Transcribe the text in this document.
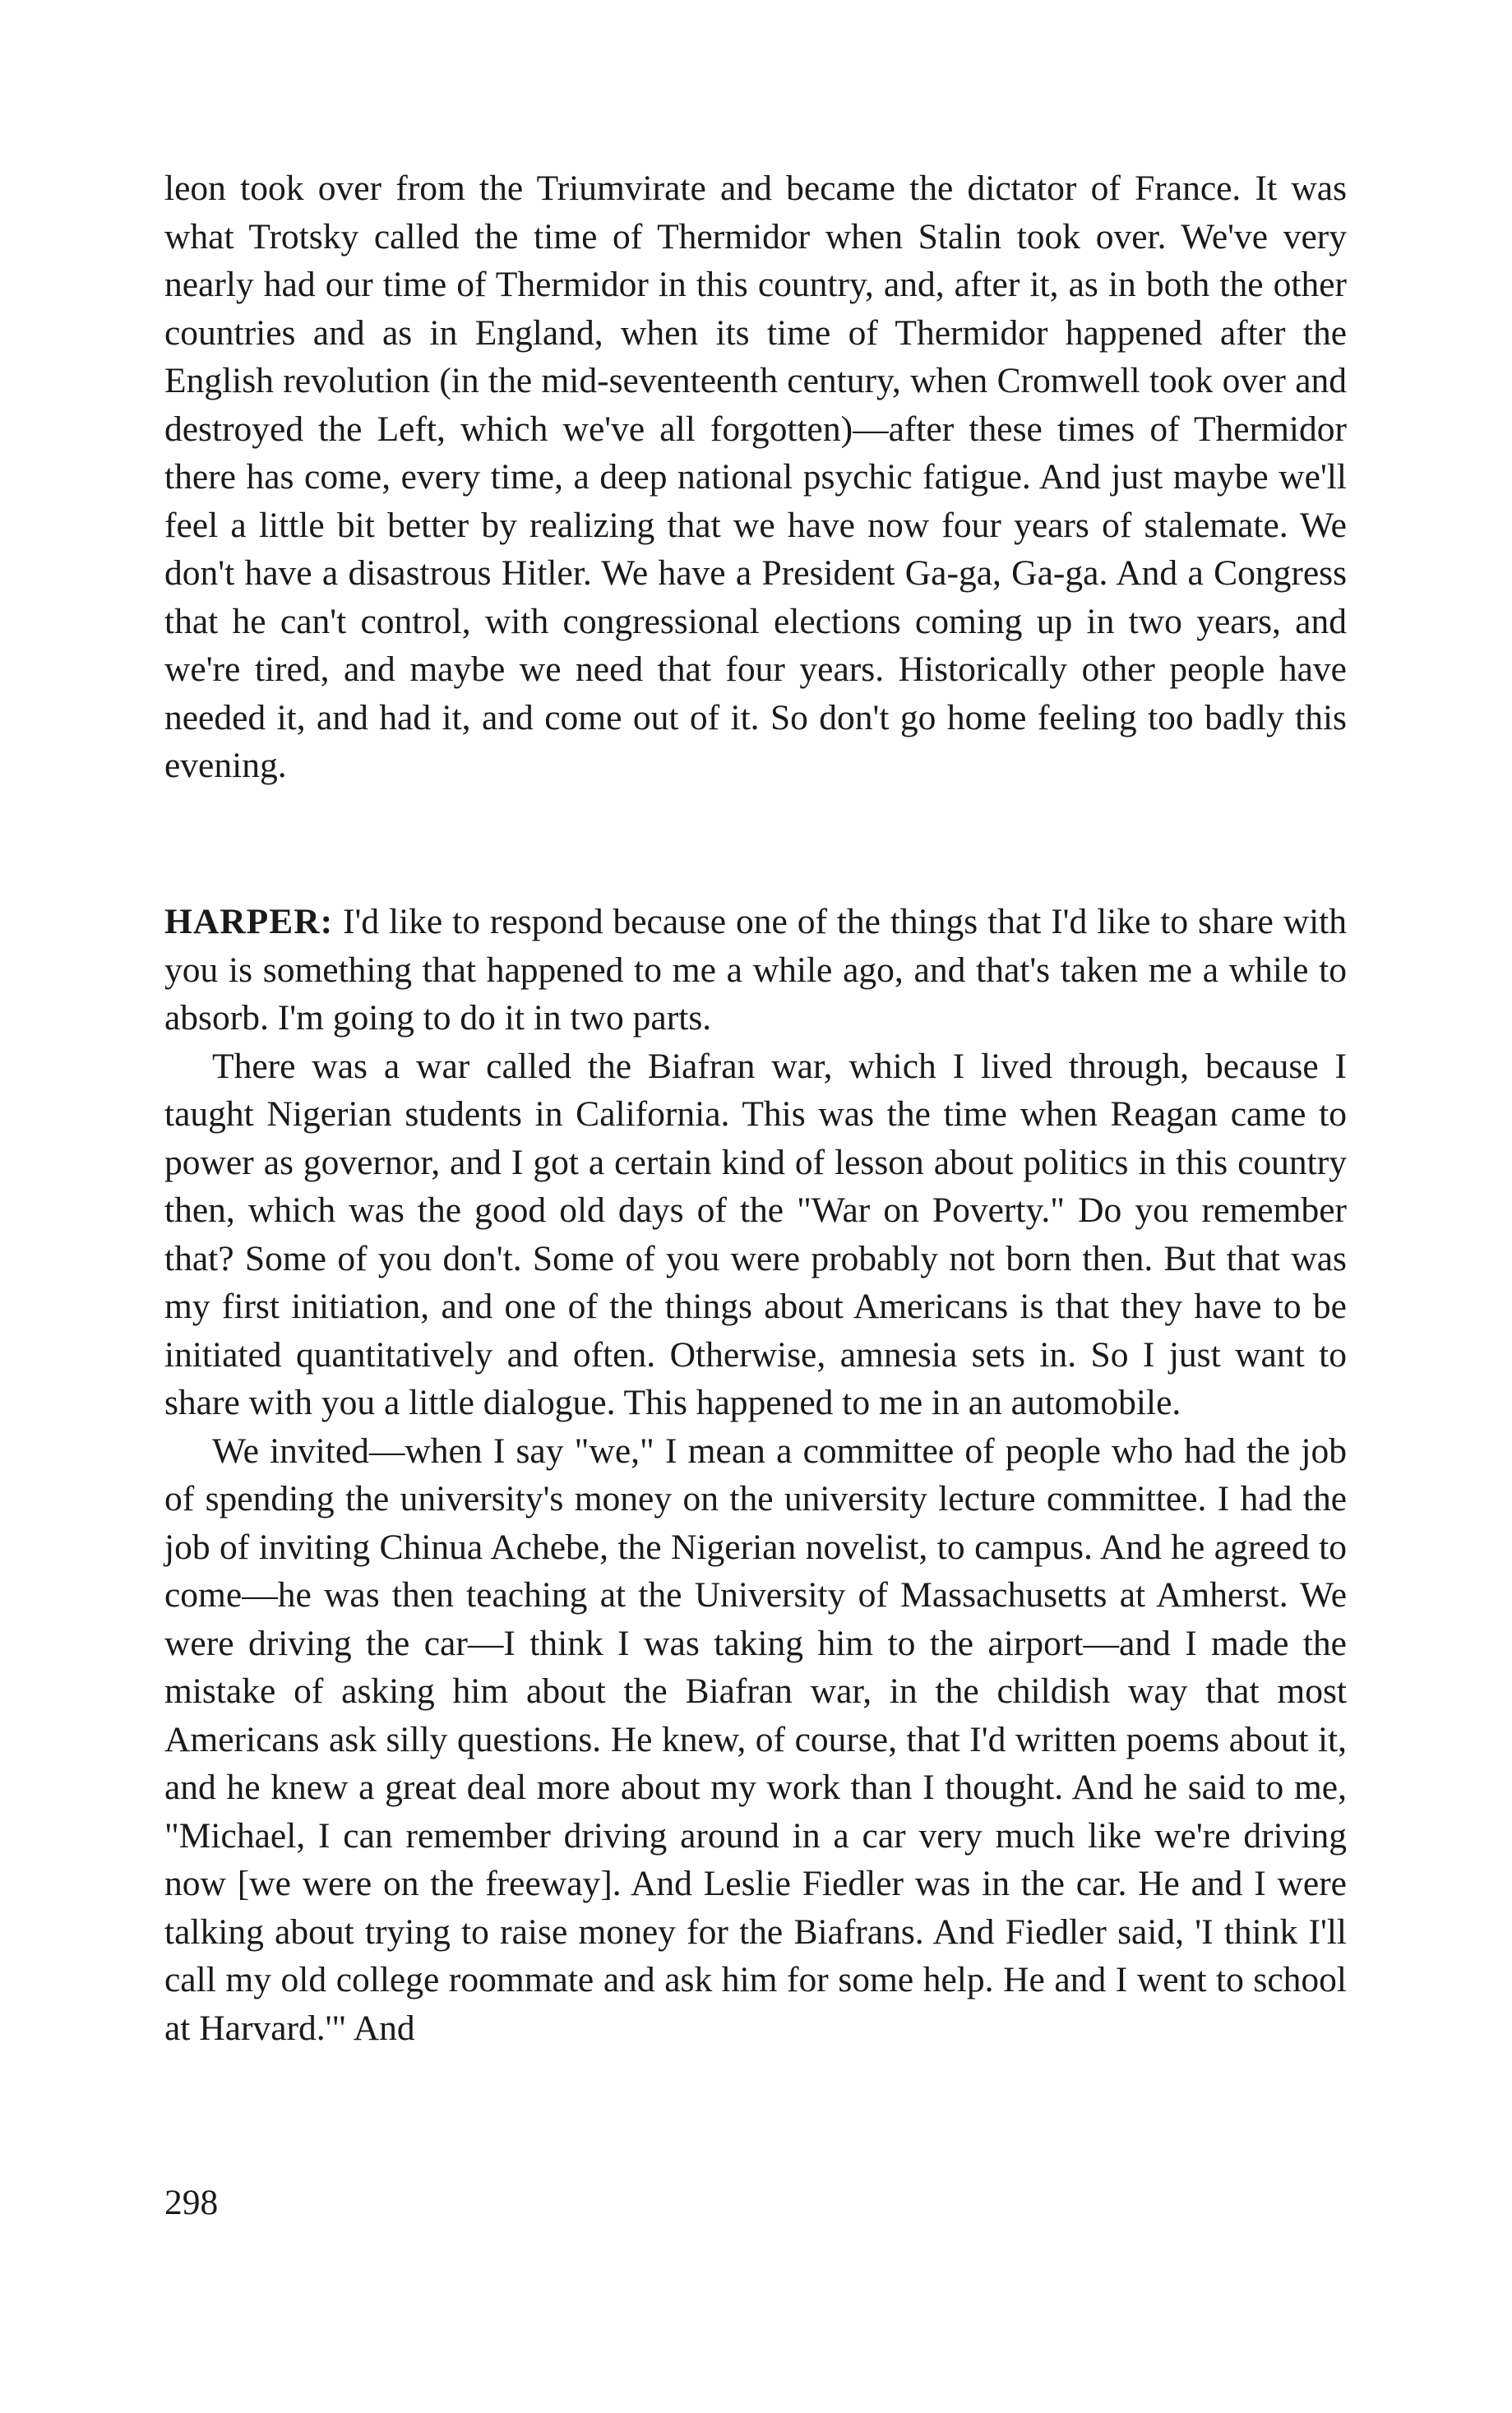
leon took over from the Triumvirate and became the dictator of France. It was what Trotsky called the time of Thermidor when Stalin took over. We've very nearly had our time of Thermidor in this country, and, after it, as in both the other countries and as in England, when its time of Thermidor happened after the English revolution (in the mid-seventeenth century, when Cromwell took over and destroyed the Left, which we've all forgotten)—after these times of Thermidor there has come, every time, a deep national psychic fatigue. And just maybe we'll feel a little bit better by realizing that we have now four years of stalemate. We don't have a disastrous Hitler. We have a President Ga-ga, Ga-ga. And a Congress that he can't control, with congressional elections coming up in two years, and we're tired, and maybe we need that four years. Historically other people have needed it, and had it, and come out of it. So don't go home feeling too badly this evening.

HARPER: I'd like to respond because one of the things that I'd like to share with you is something that happened to me a while ago, and that's taken me a while to absorb. I'm going to do it in two parts.

There was a war called the Biafran war, which I lived through, because I taught Nigerian students in California. This was the time when Reagan came to power as governor, and I got a certain kind of lesson about politics in this country then, which was the good old days of the "War on Poverty." Do you remember that? Some of you don't. Some of you were probably not born then. But that was my first initiation, and one of the things about Americans is that they have to be initiated quantitatively and often. Otherwise, amnesia sets in. So I just want to share with you a little dialogue. This happened to me in an automobile.

We invited—when I say "we," I mean a committee of people who had the job of spending the university's money on the university lecture committee. I had the job of inviting Chinua Achebe, the Nigerian novelist, to campus. And he agreed to come—he was then teaching at the University of Massachusetts at Amherst. We were driving the car—I think I was taking him to the airport—and I made the mistake of asking him about the Biafran war, in the childish way that most Americans ask silly questions. He knew, of course, that I'd written poems about it, and he knew a great deal more about my work than I thought. And he said to me, "Michael, I can remember driving around in a car very much like we're driving now [we were on the freeway]. And Leslie Fiedler was in the car. He and I were talking about trying to raise money for the Biafrans. And Fiedler said, 'I think I'll call my old college roommate and ask him for some help. He and I went to school at Harvard.'" And

298
